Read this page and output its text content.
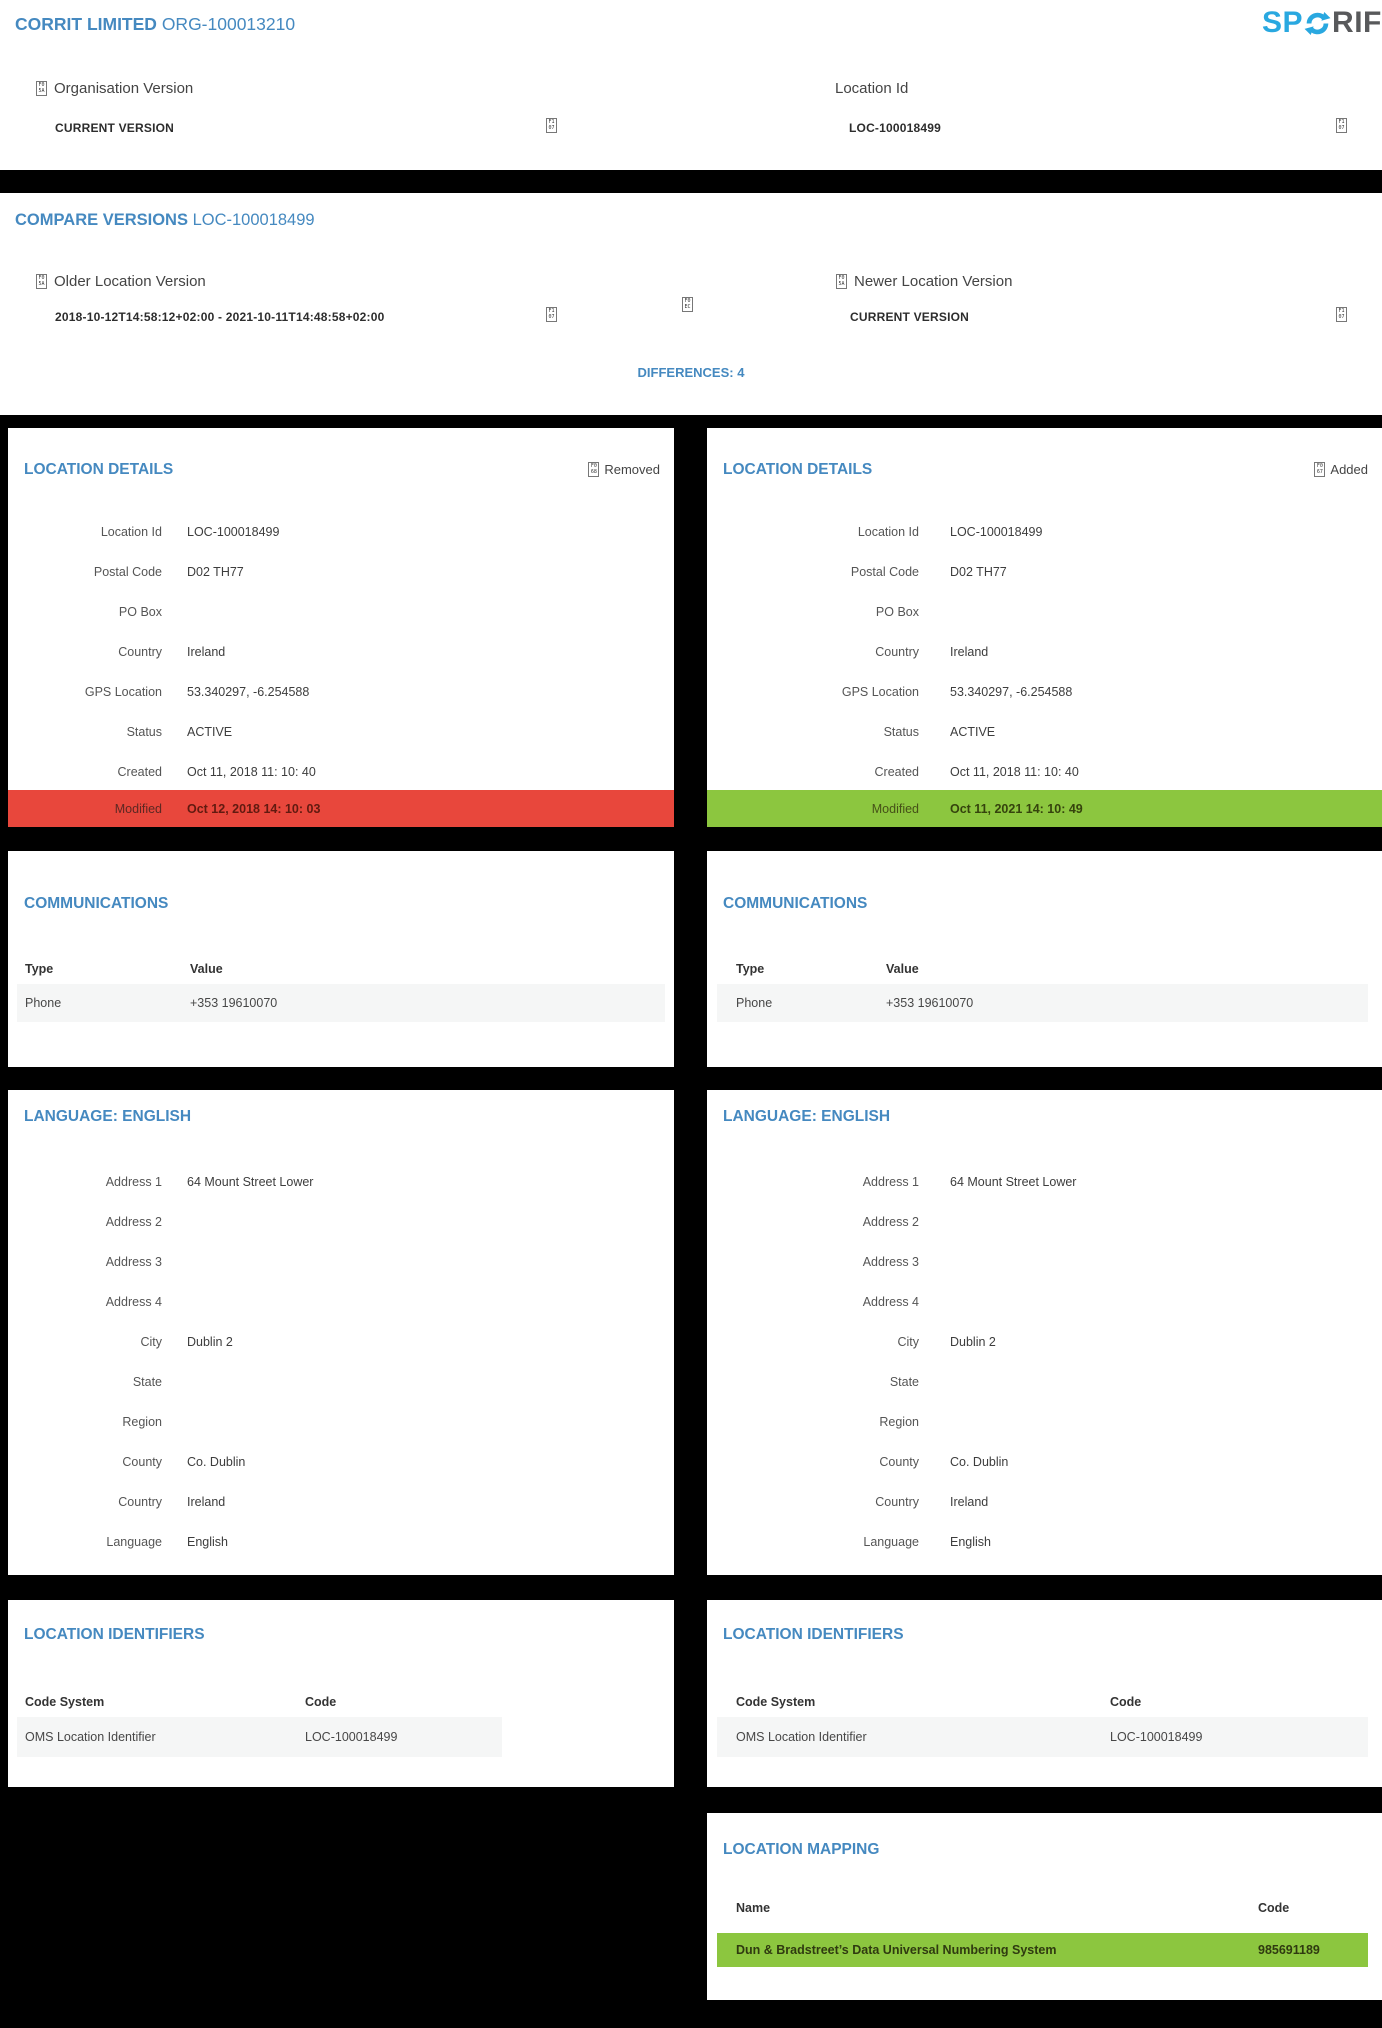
CORRIT LIMITED ORG-100013210	SP RIF
F0
5A Organisation Version
CURRENT VERSION	F1
07
Location Id
LOC-100018499	F1
07
COMPARE VERSIONS LOC-100018499
F0
5A Older Location Version
2018-10-12T14:58:12+02:00 - 2021-10-11T14:48:58+02:00	F1
07
F0
EC
F0
5A Newer Location Version
CURRENT VERSION	F1
07
DIFFERENCES: 4
LOCATION DETAILS	F0
68 Removed
Location Id LOC-100018499
Postal Code D02 TH77
PO Box
Country Ireland
GPS Location 53.340297, -6.254588
Status ACTIVE
Created Oct 11, 2018 11: 10: 40
Modified Oct 12, 2018 14: 10: 03
LOCATION DETAILS	F0
67 Added
Location Id LOC-100018499
Postal Code D02 TH77
PO Box
Country Ireland
GPS Location 53.340297, -6.254588
Status ACTIVE
Created Oct 11, 2018 11: 10: 40
Modified Oct 11, 2021 14: 10: 49
COMMUNICATIONS
Type	Value
Phone	+353 19610070
COMMUNICATIONS
Type	Value
Phone	+353 19610070
LANGUAGE: ENGLISH
Address 1 64 Mount Street Lower
Address 2
Address 3
Address 4
City Dublin 2
State
Region
County Co. Dublin
Country Ireland
Language English
LANGUAGE: ENGLISH
Address 1 64 Mount Street Lower
Address 2
Address 3
Address 4
City Dublin 2
State
Region
County Co. Dublin
Country Ireland
Language English
LOCATION IDENTIFIERS
Code System	Code
OMS Location Identifier	LOC-100018499
LOCATION IDENTIFIERS
Code System	Code
OMS Location Identifier	LOC-100018499
LOCATION MAPPING
Name	Code
Dun & Bradstreet’s Data Universal Numbering System	985691189
